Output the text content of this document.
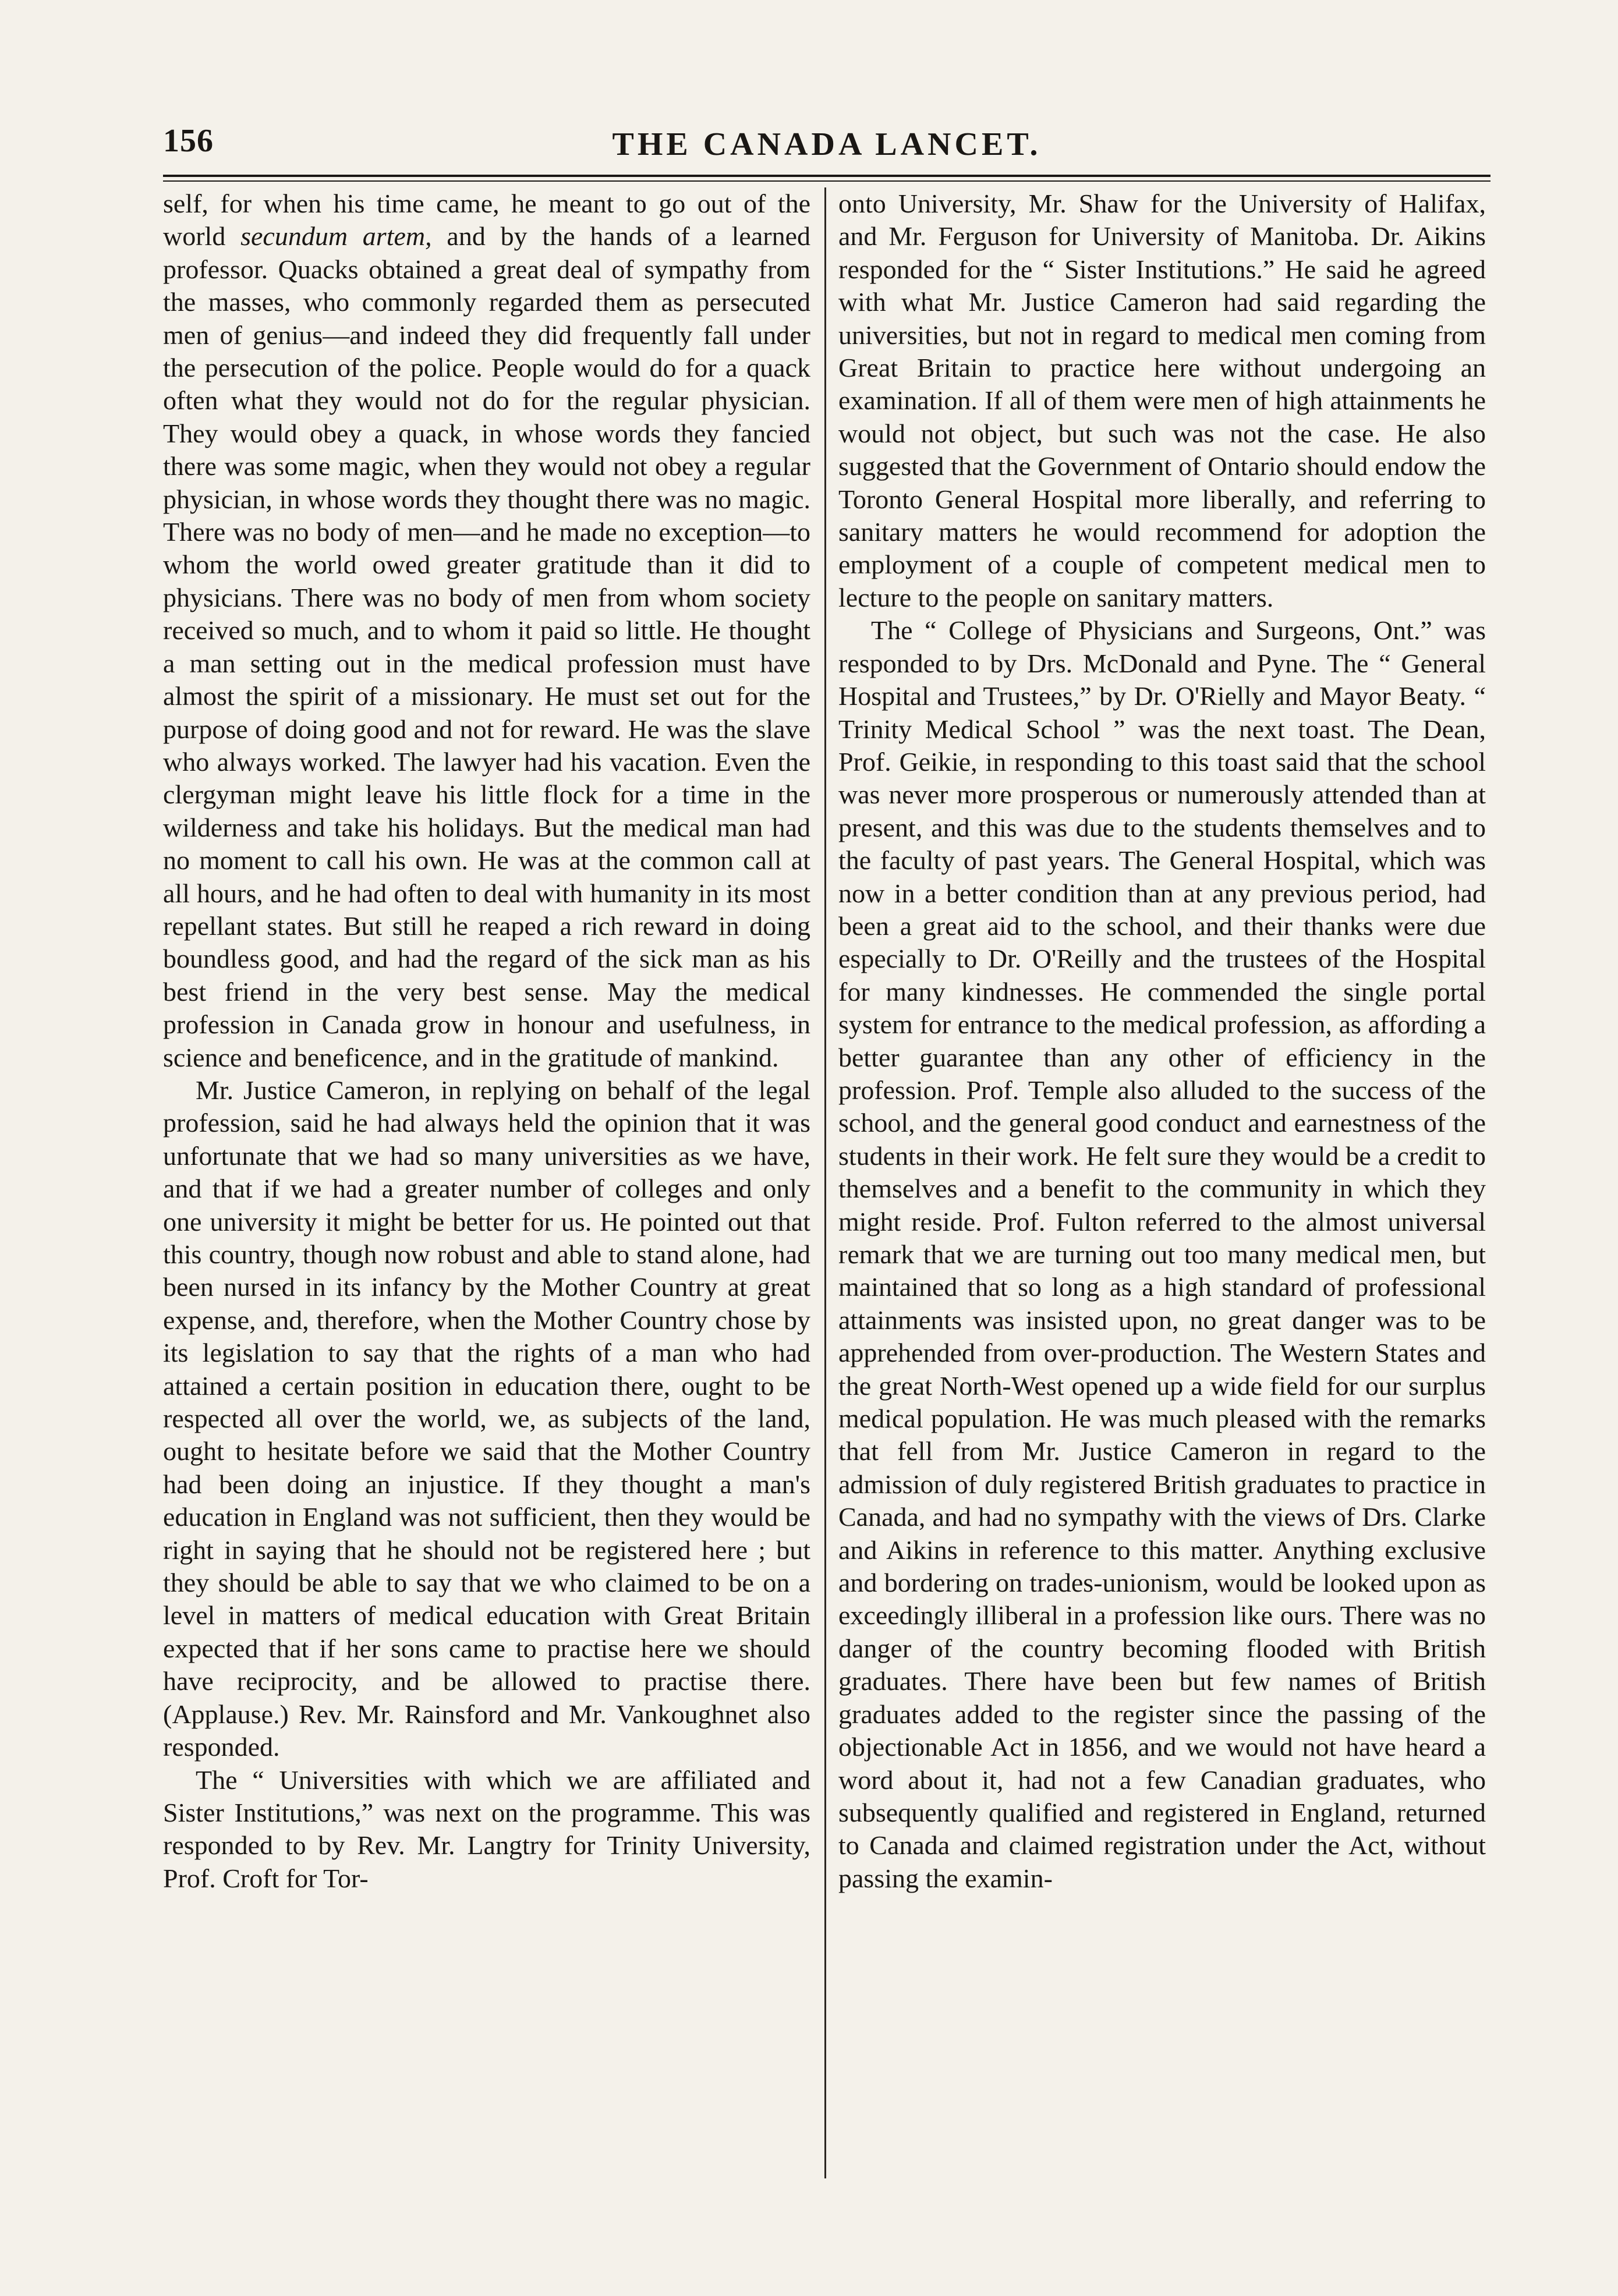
156	THE CANADA LANCET.

self, for when his time came, he meant to go out of the world secundum artem, and by the hands of a learned professor. Quacks obtained a great deal of sympathy from the masses, who commonly regarded them as persecuted men of genius—and indeed they did frequently fall under the persecution of the police. People would do for a quack often what they would not do for the regular physician. They would obey a quack, in whose words they fancied there was some magic, when they would not obey a regular physician, in whose words they thought there was no magic. There was no body of men—and he made no exception—to whom the world owed greater gratitude than it did to physicians. There was no body of men from whom society received so much, and to whom it paid so little. He thought a man setting out in the medical profession must have almost the spirit of a missionary. He must set out for the purpose of doing good and not for reward. He was the slave who always worked. The lawyer had his vacation. Even the clergyman might leave his little flock for a time in the wilderness and take his holidays. But the medical man had no moment to call his own. He was at the common call at all hours, and he had often to deal with humanity in its most repellant states. But still he reaped a rich reward in doing boundless good, and had the regard of the sick man as his best friend in the very best sense. May the medical profession in Canada grow in honour and usefulness, in science and beneficence, and in the gratitude of mankind.

Mr. Justice Cameron, in replying on behalf of the legal profession, said he had always held the opinion that it was unfortunate that we had so many universities as we have, and that if we had a greater number of colleges and only one university it might be better for us. He pointed out that this country, though now robust and able to stand alone, had been nursed in its infancy by the Mother Country at great expense, and, therefore, when the Mother Country chose by its legislation to say that the rights of a man who had attained a certain position in education there, ought to be respected all over the world, we, as subjects of the land, ought to hesitate before we said that the Mother Country had been doing an injustice. If they thought a man's education in England was not sufficient, then they would be right in saying that he should not be registered here ; but they should be able to say that we who claimed to be on a level in matters of medical education with Great Britain expected that if her sons came to practise here we should have reciprocity, and be allowed to practise there. (Applause.) Rev. Mr. Rainsford and Mr. Vankoughnet also responded.

The “ Universities with which we are affiliated and Sister Institutions,” was next on the programme. This was responded to by Rev. Mr. Langtry for Trinity University, Prof. Croft for Tor-

onto University, Mr. Shaw for the University of Halifax, and Mr. Ferguson for University of Manitoba. Dr. Aikins responded for the “ Sister Institutions.” He said he agreed with what Mr. Justice Cameron had said regarding the universities, but not in regard to medical men coming from Great Britain to practice here without undergoing an examination. If all of them were men of high attainments he would not object, but such was not the case. He also suggested that the Government of Ontario should endow the Toronto General Hospital more liberally, and referring to sanitary matters he would recommend for adoption the employment of a couple of competent medical men to lecture to the people on sanitary matters.

The “ College of Physicians and Surgeons, Ont.” was responded to by Drs. McDonald and Pyne. The “ General Hospital and Trustees,” by Dr. O'Rielly and Mayor Beaty. “ Trinity Medical School ” was the next toast. The Dean, Prof. Geikie, in responding to this toast said that the school was never more prosperous or numerously attended than at present, and this was due to the students themselves and to the faculty of past years. The General Hospital, which was now in a better condition than at any previous period, had been a great aid to the school, and their thanks were due especially to Dr. O'Reilly and the trustees of the Hospital for many kindnesses. He commended the single portal system for entrance to the medical profession, as affording a better guarantee than any other of efficiency in the profession. Prof. Temple also alluded to the success of the school, and the general good conduct and earnestness of the students in their work. He felt sure they would be a credit to themselves and a benefit to the community in which they might reside. Prof. Fulton referred to the almost universal remark that we are turning out too many medical men, but maintained that so long as a high standard of professional attainments was insisted upon, no great danger was to be apprehended from over-production. The Western States and the great North-West opened up a wide field for our surplus medical population. He was much pleased with the remarks that fell from Mr. Justice Cameron in regard to the admission of duly registered British graduates to practice in Canada, and had no sympathy with the views of Drs. Clarke and Aikins in reference to this matter. Anything exclusive and bordering on trades-unionism, would be looked upon as exceedingly illiberal in a profession like ours. There was no danger of the country becoming flooded with British graduates. There have been but few names of British graduates added to the register since the passing of the objectionable Act in 1856, and we would not have heard a word about it, had not a few Canadian graduates, who subsequently qualified and registered in England, returned to Canada and claimed registration under the Act, without passing the examin-
